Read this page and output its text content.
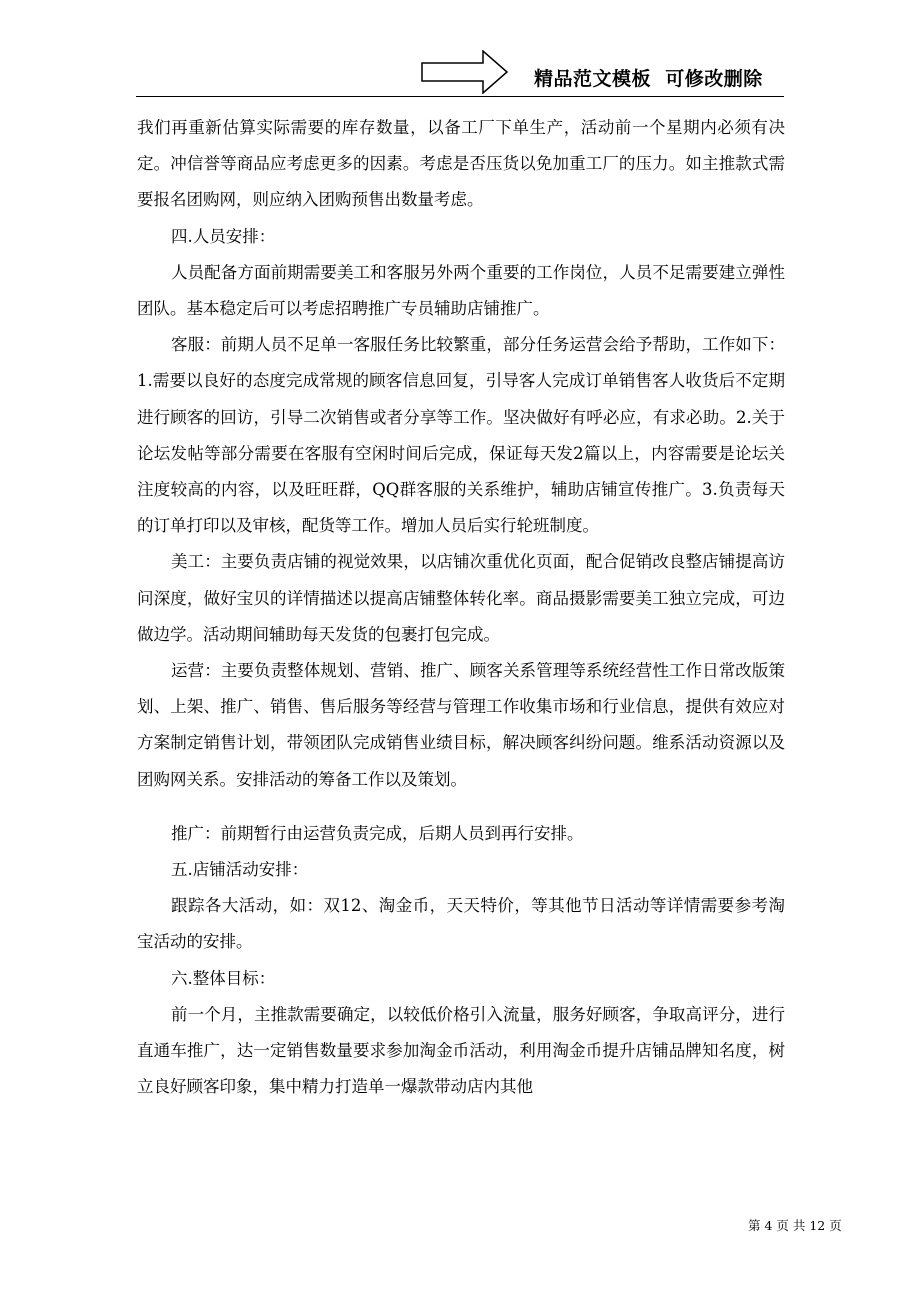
精品范文模板  可修改删除

我们再重新估算实际需要的库存数量，以备工厂下单生产，活动前一个星期内必须有决定。冲信誉等商品应考虑更多的因素。考虑是否压货以免加重工厂的压力。如主推款式需要报名团购网，则应纳入团购预售出数量考虑。

四.人员安排：

人员配备方面前期需要美工和客服另外两个重要的工作岗位，人员不足需要建立弹性团队。基本稳定后可以考虑招聘推广专员辅助店铺推广。

客服：前期人员不足单一客服任务比较繁重，部分任务运营会给予帮助，工作如下：1.需要以良好的态度完成常规的顾客信息回复，引导客人完成订单销售客人收货后不定期进行顾客的回访，引导二次销售或者分享等工作。坚决做好有呼必应，有求必助。2.关于论坛发帖等部分需要在客服有空闲时间后完成，保证每天发2篇以上，内容需要是论坛关注度较高的内容，以及旺旺群，QQ群客服的关系维护，辅助店铺宣传推广。3.负责每天的订单打印以及审核，配货等工作。增加人员后实行轮班制度。

美工：主要负责店铺的视觉效果，以店铺次重优化页面，配合促销改良整店铺提高访问深度，做好宝贝的详情描述以提高店铺整体转化率。商品摄影需要美工独立完成，可边做边学。活动期间辅助每天发货的包裹打包完成。

运营：主要负责整体规划、营销、推广、顾客关系管理等系统经营性工作日常改版策划、上架、推广、销售、售后服务等经营与管理工作收集市场和行业信息，提供有效应对方案制定销售计划，带领团队完成销售业绩目标，解决顾客纠纷问题。维系活动资源以及团购网关系。安排活动的筹备工作以及策划。

推广：前期暂行由运营负责完成，后期人员到再行安排。

五.店铺活动安排：

跟踪各大活动，如：双12、淘金币，天天特价，等其他节日活动等详情需要参考淘宝活动的安排。

六.整体目标：

前一个月，主推款需要确定，以较低价格引入流量，服务好顾客，争取高评分，进行直通车推广，达一定销售数量要求参加淘金币活动，利用淘金币提升店铺品牌知名度，树立良好顾客印象，集中精力打造单一爆款带动店内其他

第 4 页 共 12 页
